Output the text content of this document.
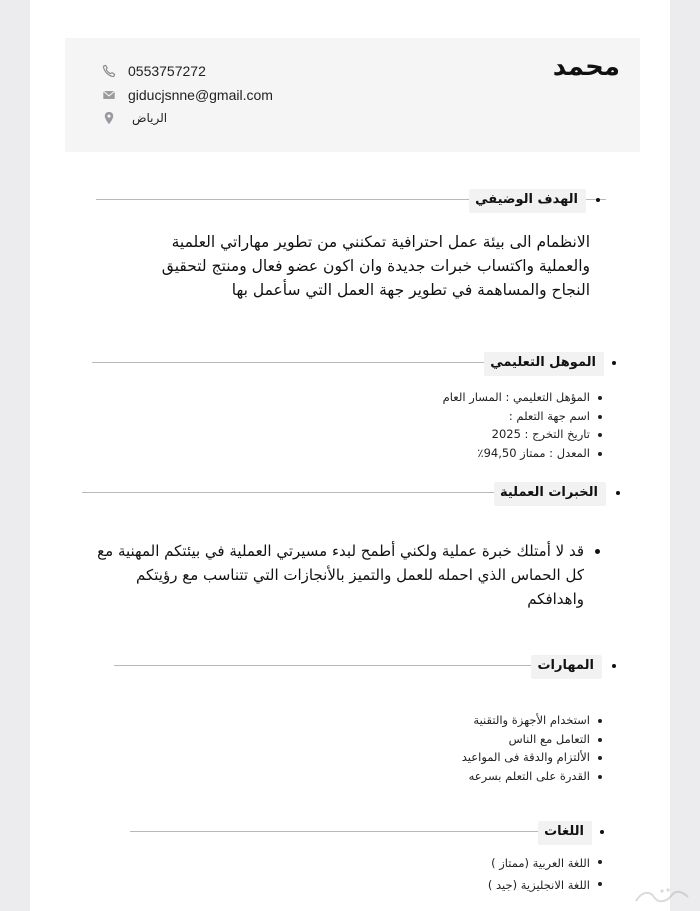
محمد
0553757272
giducjsnne@gmail.com
الرياض
الهدف الوضيفي
الانظمام الى بيئة عمل احترافية تمكنني من تطوير مهاراتي العلمية
والعملية واكتساب خبرات جديدة وان اكون عضو فعال ومنتج لتحقيق
النجاح والمساهمة في تطوير جهة العمل التي سأعمل بها
الموهل التعليمي
المؤهل التعليمي : المسار العام
اسم جهة التعلم :
تاريخ التخرج : 2025
المعدل : ممتاز 94,50٪
الخبرات العملية
قد لا أمتلك خبرة عملية ولكني أطمح لبدء مسيرتي العملية في بيئتكم المهنية مع
كل الحماس الذي احمله للعمل والتميز بالأنجازات التي تتناسب مع رؤيتكم
واهدافكم
المهارات
استخدام الأجهزة والتقنية
التعامل مع الناس
الألتزام والدقة فى المواعيد
القدرة على التعلم بسرعه
اللغات
اللغة العربية (ممتاز )
اللغة الانجليزية (جيد )
